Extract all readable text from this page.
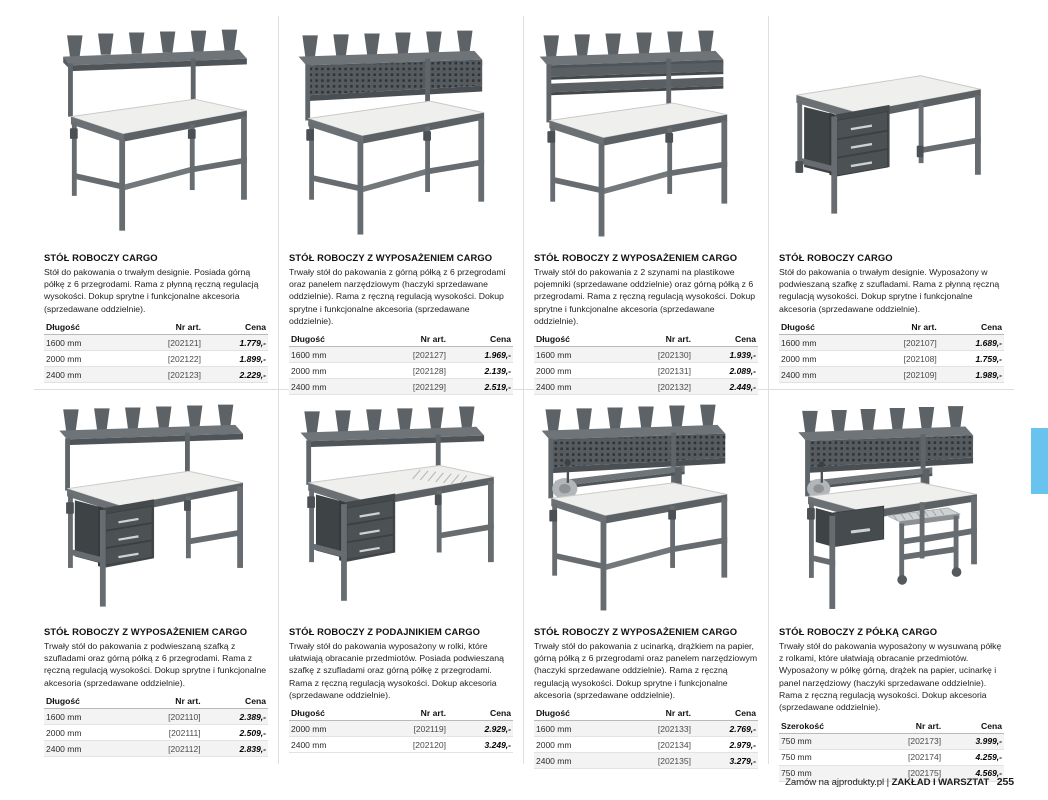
STÓŁ ROBOCZY CARGO
Stół do pakowania o trwałym designie. Posiada górną półkę z 6 przegrodami. Rama z płynną ręczną regulacją wysokości. Dokup sprytne i funkcjonalne akcesoria (sprzedawane oddzielnie).
Długość	Nr art.	Cena
1600 mm	[202121]	1.779,-
2000 mm	[202122]	1.899,-
2400 mm	[202123]	2.229,-
STÓŁ ROBOCZY Z WYPOSAŻENIEM CARGO
Trwały stół do pakowania z górną półką z 6 przegrodami oraz panelem narzędziowym (haczyki sprzedawane oddzielnie). Rama z ręczną regulacją wysokości. Dokup sprytne i funkcjonalne akcesoria (sprzedawane oddzielnie).
Długość	Nr art.	Cena
1600 mm	[202127]	1.969,-
2000 mm	[202128]	2.139,-
2400 mm	[202129]	2.519,-
STÓŁ ROBOCZY Z WYPOSAŻENIEM CARGO
Trwały stół do pakowania z 2 szynami na plastikowe pojemniki (sprzedawane oddzielnie) oraz górną półką z 6 przegrodami. Rama z ręczną regulacją wysokości. Dokup sprytne i funkcjonalne akcesoria (sprzedawane oddzielnie).
Długość	Nr art.	Cena
1600 mm	[202130]	1.939,-
2000 mm	[202131]	2.089,-
2400 mm	[202132]	2.449,-
STÓŁ ROBOCZY CARGO
Stół do pakowania o trwałym designie. Wyposażony w podwieszaną szafkę z szufladami. Rama z płynną ręczną regulacją wysokości. Dokup sprytne i funkcjonalne akcesoria (sprzedawane oddzielnie).
Długość	Nr art.	Cena
1600 mm	[202107]	1.689,-
2000 mm	[202108]	1.759,-
2400 mm	[202109]	1.989,-
STÓŁ ROBOCZY Z WYPOSAŻENIEM CARGO
Trwały stół do pakowania z podwieszaną szafką z szufladami oraz górną półką z 6 przegrodami. Rama z ręczną regulacją wysokości. Dokup sprytne i funkcjonalne akcesoria (sprzedawane oddzielnie).
Długość	Nr art.	Cena
1600 mm	[202110]	2.389,-
2000 mm	[202111]	2.509,-
2400 mm	[202112]	2.839,-
STÓŁ ROBOCZY Z PODAJNIKIEM CARGO
Trwały stół do pakowania wyposażony w rolki, które ułatwiają obracanie przedmiotów. Posiada podwieszaną szafkę z szufladami oraz górną półkę z przegrodami. Rama z ręczną regulacją wysokości. Dokup akcesoria (sprzedawane oddzielnie).
Długość	Nr art.	Cena
2000 mm	[202119]	2.929,-
2400 mm	[202120]	3.249,-
STÓŁ ROBOCZY Z WYPOSAŻENIEM CARGO
Trwały stół do pakowania z ucinarką, drążkiem na papier, górną półką z 6 przegrodami oraz panelem narzędziowym (haczyki sprzedawane oddzielnie). Rama z ręczną regulacją wysokości. Dokup sprytne i funkcjonalne akcesoria (sprzedawane oddzielnie).
Długość	Nr art.	Cena
1600 mm	[202133]	2.769,-
2000 mm	[202134]	2.979,-
2400 mm	[202135]	3.279,-
STÓŁ ROBOCZY Z PÓŁKĄ CARGO
Trwały stół do pakowania wyposażony w wysuwaną półkę z rolkami, które ułatwiają obracanie przedmiotów. Wyposażony w półkę górną, drążek na papier, ucinarkę i panel narzędziowy (haczyki sprzedawane oddzielnie). Rama z ręczną regulacją wysokości. Dokup akcesoria (sprzedawane oddzielnie).
Szerokość	Nr art.	Cena
750 mm	[202173]	3.999,-
750 mm	[202174]	4.259,-
750 mm	[202175]	4.569,-
Zamów na ajprodukty.pl | ZAKŁAD I WARSZTAT 255
